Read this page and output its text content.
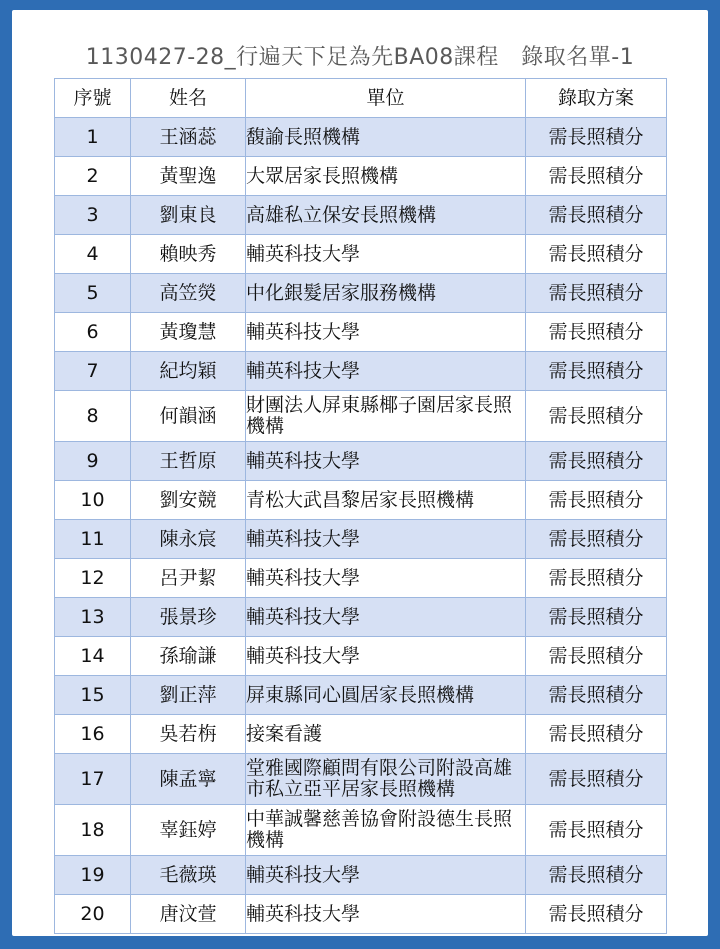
1130427-28_行遍天下足為先BA08課程　錄取名單-1
序號	姓名	單位	錄取方案
1	王涵蕊	馥諭長照機構	需長照積分
2	黃聖逸	大眾居家長照機構	需長照積分
3	劉東良	高雄私立保安長照機構	需長照積分
4	賴映秀	輔英科技大學	需長照積分
5	高笠熒	中化銀髮居家服務機構	需長照積分
6	黃瓊慧	輔英科技大學	需長照積分
7	紀均穎	輔英科技大學	需長照積分
8	何韻涵	財團法人屏東縣椰子園居家長照機構	需長照積分
9	王哲原	輔英科技大學	需長照積分
10	劉安競	青松大武昌黎居家長照機構	需長照積分
11	陳永宸	輔英科技大學	需長照積分
12	呂尹絜	輔英科技大學	需長照積分
13	張景珍	輔英科技大學	需長照積分
14	孫瑜謙	輔英科技大學	需長照積分
15	劉正萍	屏東縣同心圓居家長照機構	需長照積分
16	吳若栴	接案看護	需長照積分
17	陳孟寧	堂雅國際顧問有限公司附設高雄市私立亞平居家長照機構	需長照積分
18	辜鈺婷	中華誠馨慈善協會附設德生長照機構	需長照積分
19	毛薇瑛	輔英科技大學	需長照積分
20	唐汶萱	輔英科技大學	需長照積分
